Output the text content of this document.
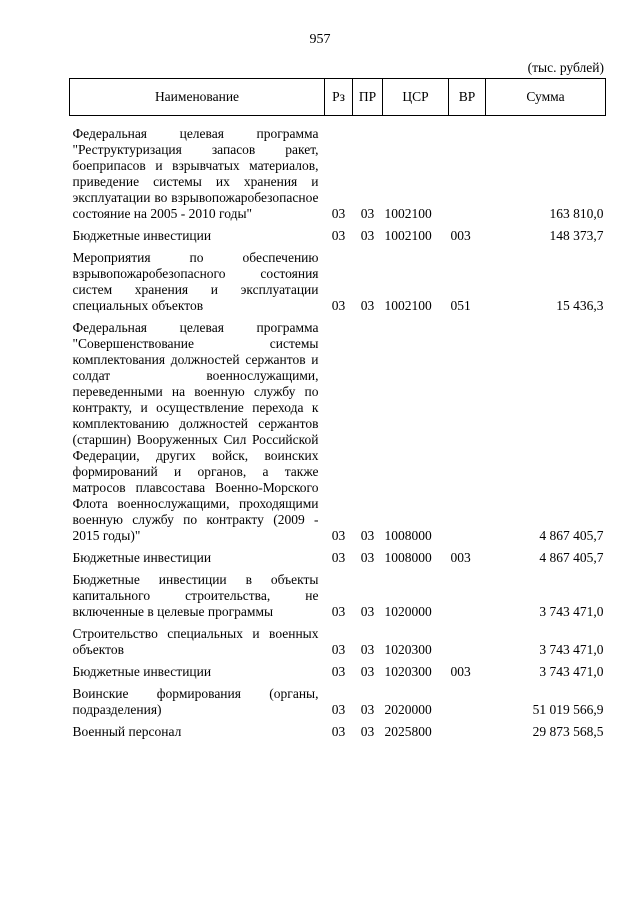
957
(тыс. рублей)
Наименование	Рз	ПР	ЦСР	ВР	Сумма
Федеральная целевая программа "Реструктуризация запасов ракет, боеприпасов и взрывчатых материалов, приведение системы их хранения и эксплуатации во взрывопожаробезопасное состояние на 2005 - 2010 годы"	03	03	1002100		163 810,0
Бюджетные инвестиции	03	03	1002100	003	148 373,7
Мероприятия по обеспечению взрывопожаробезопасного состояния систем хранения и эксплуатации специальных объектов	03	03	1002100	051	15 436,3
Федеральная целевая программа "Совершенствование системы комплектования должностей сержантов и солдат военнослужащими, переведенными на военную службу по контракту, и осуществление перехода к комплектованию должностей сержантов (старшин) Вооруженных Сил Российской Федерации, других войск, воинских формирований и органов, а также матросов плавсостава Военно-Морского Флота военнослужащими, проходящими военную службу по контракту (2009 - 2015 годы)"	03	03	1008000		4 867 405,7
Бюджетные инвестиции	03	03	1008000	003	4 867 405,7
Бюджетные инвестиции в объекты капитального строительства, не включенные в целевые программы	03	03	1020000		3 743 471,0
Строительство специальных и военных объектов	03	03	1020300		3 743 471,0
Бюджетные инвестиции	03	03	1020300	003	3 743 471,0
Воинские формирования (органы, подразделения)	03	03	2020000		51 019 566,9
Военный персонал	03	03	2025800		29 873 568,5
